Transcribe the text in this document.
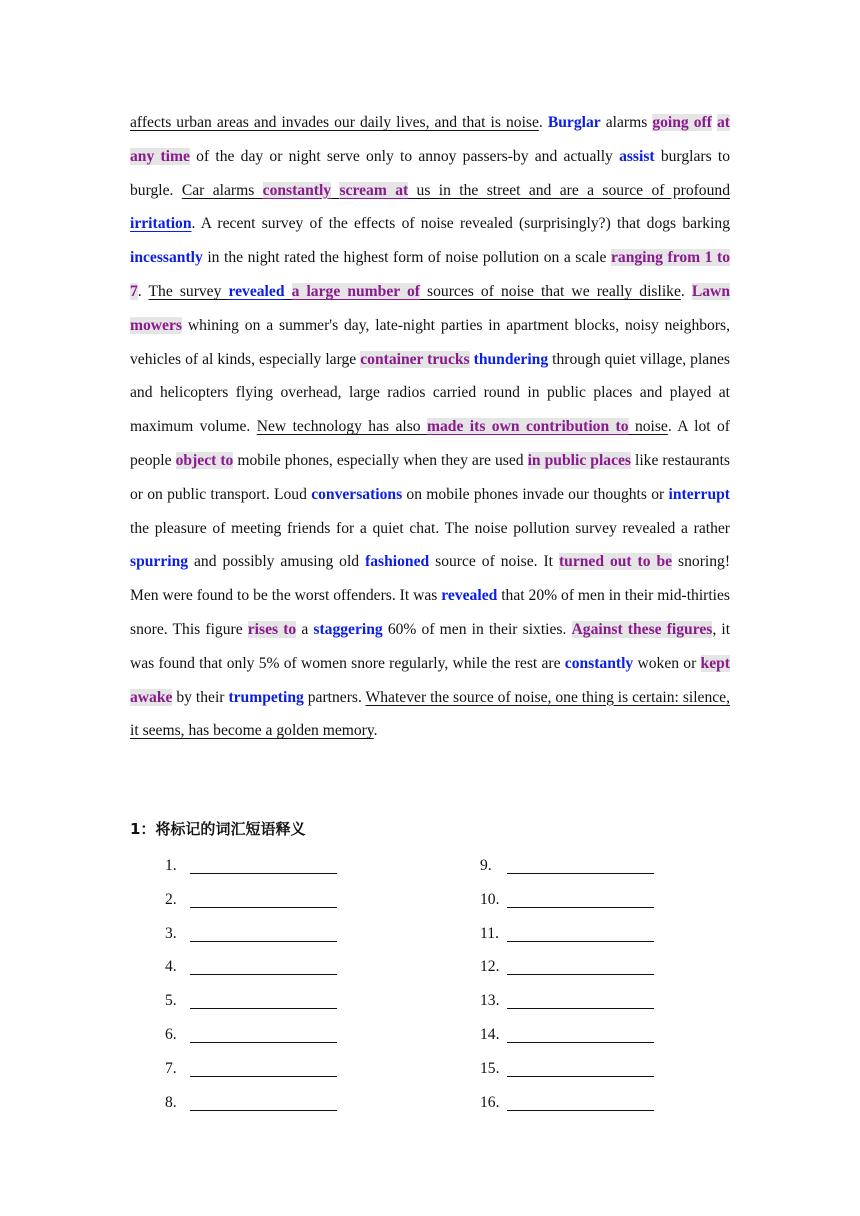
affects urban areas and invades our daily lives, and that is noise. Burglar alarms going off at any time of the day or night serve only to annoy passers-by and actually assist burglars to burgle. Car alarms constantly scream at us in the street and are a source of profound irritation. A recent survey of the effects of noise revealed (surprisingly?) that dogs barking incessantly in the night rated the highest form of noise pollution on a scale ranging from 1 to 7. The survey revealed a large number of sources of noise that we really dislike. Lawn mowers whining on a summer's day, late-night parties in apartment blocks, noisy neighbors, vehicles of al kinds, especially large container trucks thundering through quiet village, planes and helicopters flying overhead, large radios carried round in public places and played at maximum volume. New technology has also made its own contribution to noise. A lot of people object to mobile phones, especially when they are used in public places like restaurants or on public transport. Loud conversations on mobile phones invade our thoughts or interrupt the pleasure of meeting friends for a quiet chat. The noise pollution survey revealed a rather spurring and possibly amusing old fashioned source of noise. It turned out to be snoring! Men were found to be the worst offenders. It was revealed that 20% of men in their mid-thirties snore. This figure rises to a staggering 60% of men in their sixties. Against these figures, it was found that only 5% of women snore regularly, while the rest are constantly woken or kept awake by their trumpeting partners. Whatever the source of noise, one thing is certain: silence, it seems, has become a golden memory.
1：将标记的词汇短语释义
1.
2.
3.
4.
5.
6.
7.
8.
9.
10.
11.
12.
13.
14.
15.
16.
